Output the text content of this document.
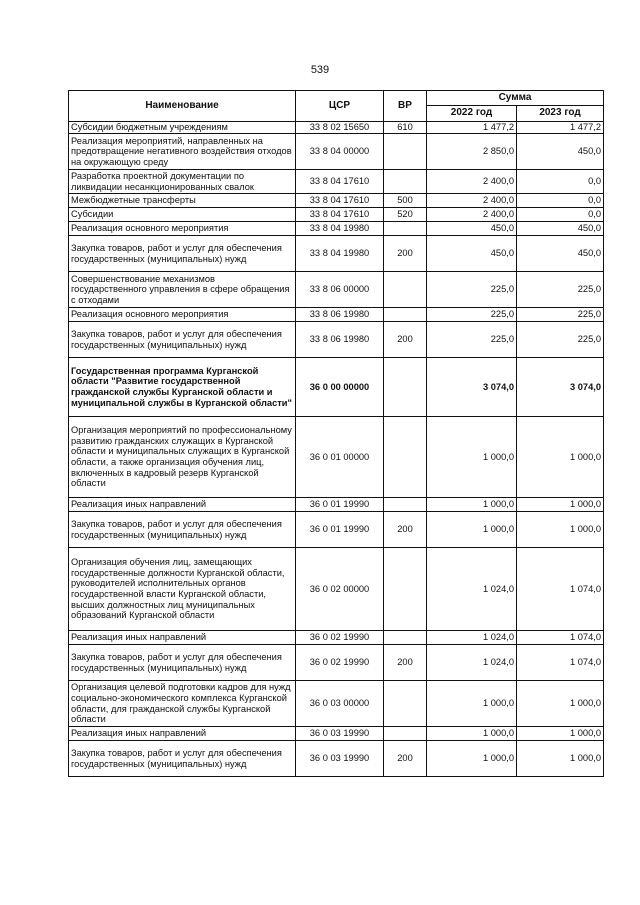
539
Наименование	ЦСР	ВР	Сумма	
			2022 год	2023 год
Субсидии бюджетным учреждениям	33 8 02 15650	610	1 477,2	1 477,2
Реализация мероприятий, направленных на предотвращение негативного воздействия отходов на окружающую среду	33 8 04 00000		2 850,0	450,0
Разработка проектной документации по ликвидации несанкционированных свалок	33 8 04 17610		2 400,0	0,0
Межбюджетные трансферты	33 8 04 17610	500	2 400,0	0,0
Субсидии	33 8 04 17610	520	2 400,0	0,0
Реализация основного мероприятия	33 8 04 19980		450,0	450,0
Закупка товаров, работ и услуг для обеспечения государственных (муниципальных) нужд	33 8 04 19980	200	450,0	450,0
Совершенствование механизмов государственного управления в сфере обращения с отходами	33 8 06 00000		225,0	225,0
Реализация основного мероприятия	33 8 06 19980		225,0	225,0
Закупка товаров, работ и услуг для обеспечения государственных (муниципальных) нужд	33 8 06 19980	200	225,0	225,0
Государственная программа Курганской области "Развитие государственной гражданской службы Курганской области и муниципальной службы в Курганской области"	36 0 00 00000		3 074,0	3 074,0
Организация мероприятий по профессиональному развитию гражданских служащих в Курганской области и муниципальных служащих в Курганской области, а также организация обучения лиц, включенных в кадровый резерв Курганской области	36 0 01 00000		1 000,0	1 000,0
Реализация иных направлений	36 0 01 19990		1 000,0	1 000,0
Закупка товаров, работ и услуг для обеспечения государственных (муниципальных) нужд	36 0 01 19990	200	1 000,0	1 000,0
Организация обучения лиц, замещающих государственные должности Курганской области, руководителей исполнительных органов государственной власти Курганской области, высших должностных лиц муниципальных образований Курганской области	36 0 02 00000		1 024,0	1 074,0
Реализация иных направлений	36 0 02 19990		1 024,0	1 074,0
Закупка товаров, работ и услуг для обеспечения государственных (муниципальных) нужд	36 0 02 19990	200	1 024,0	1 074,0
Организация целевой подготовки кадров для нужд социально-экономического комплекса Курганской области, для гражданской службы Курганской области	36 0 03 00000		1 000,0	1 000,0
Реализация иных направлений	36 0 03 19990		1 000,0	1 000,0
Закупка товаров, работ и услуг для обеспечения государственных (муниципальных) нужд	36 0 03 19990	200	1 000,0	1 000,0
